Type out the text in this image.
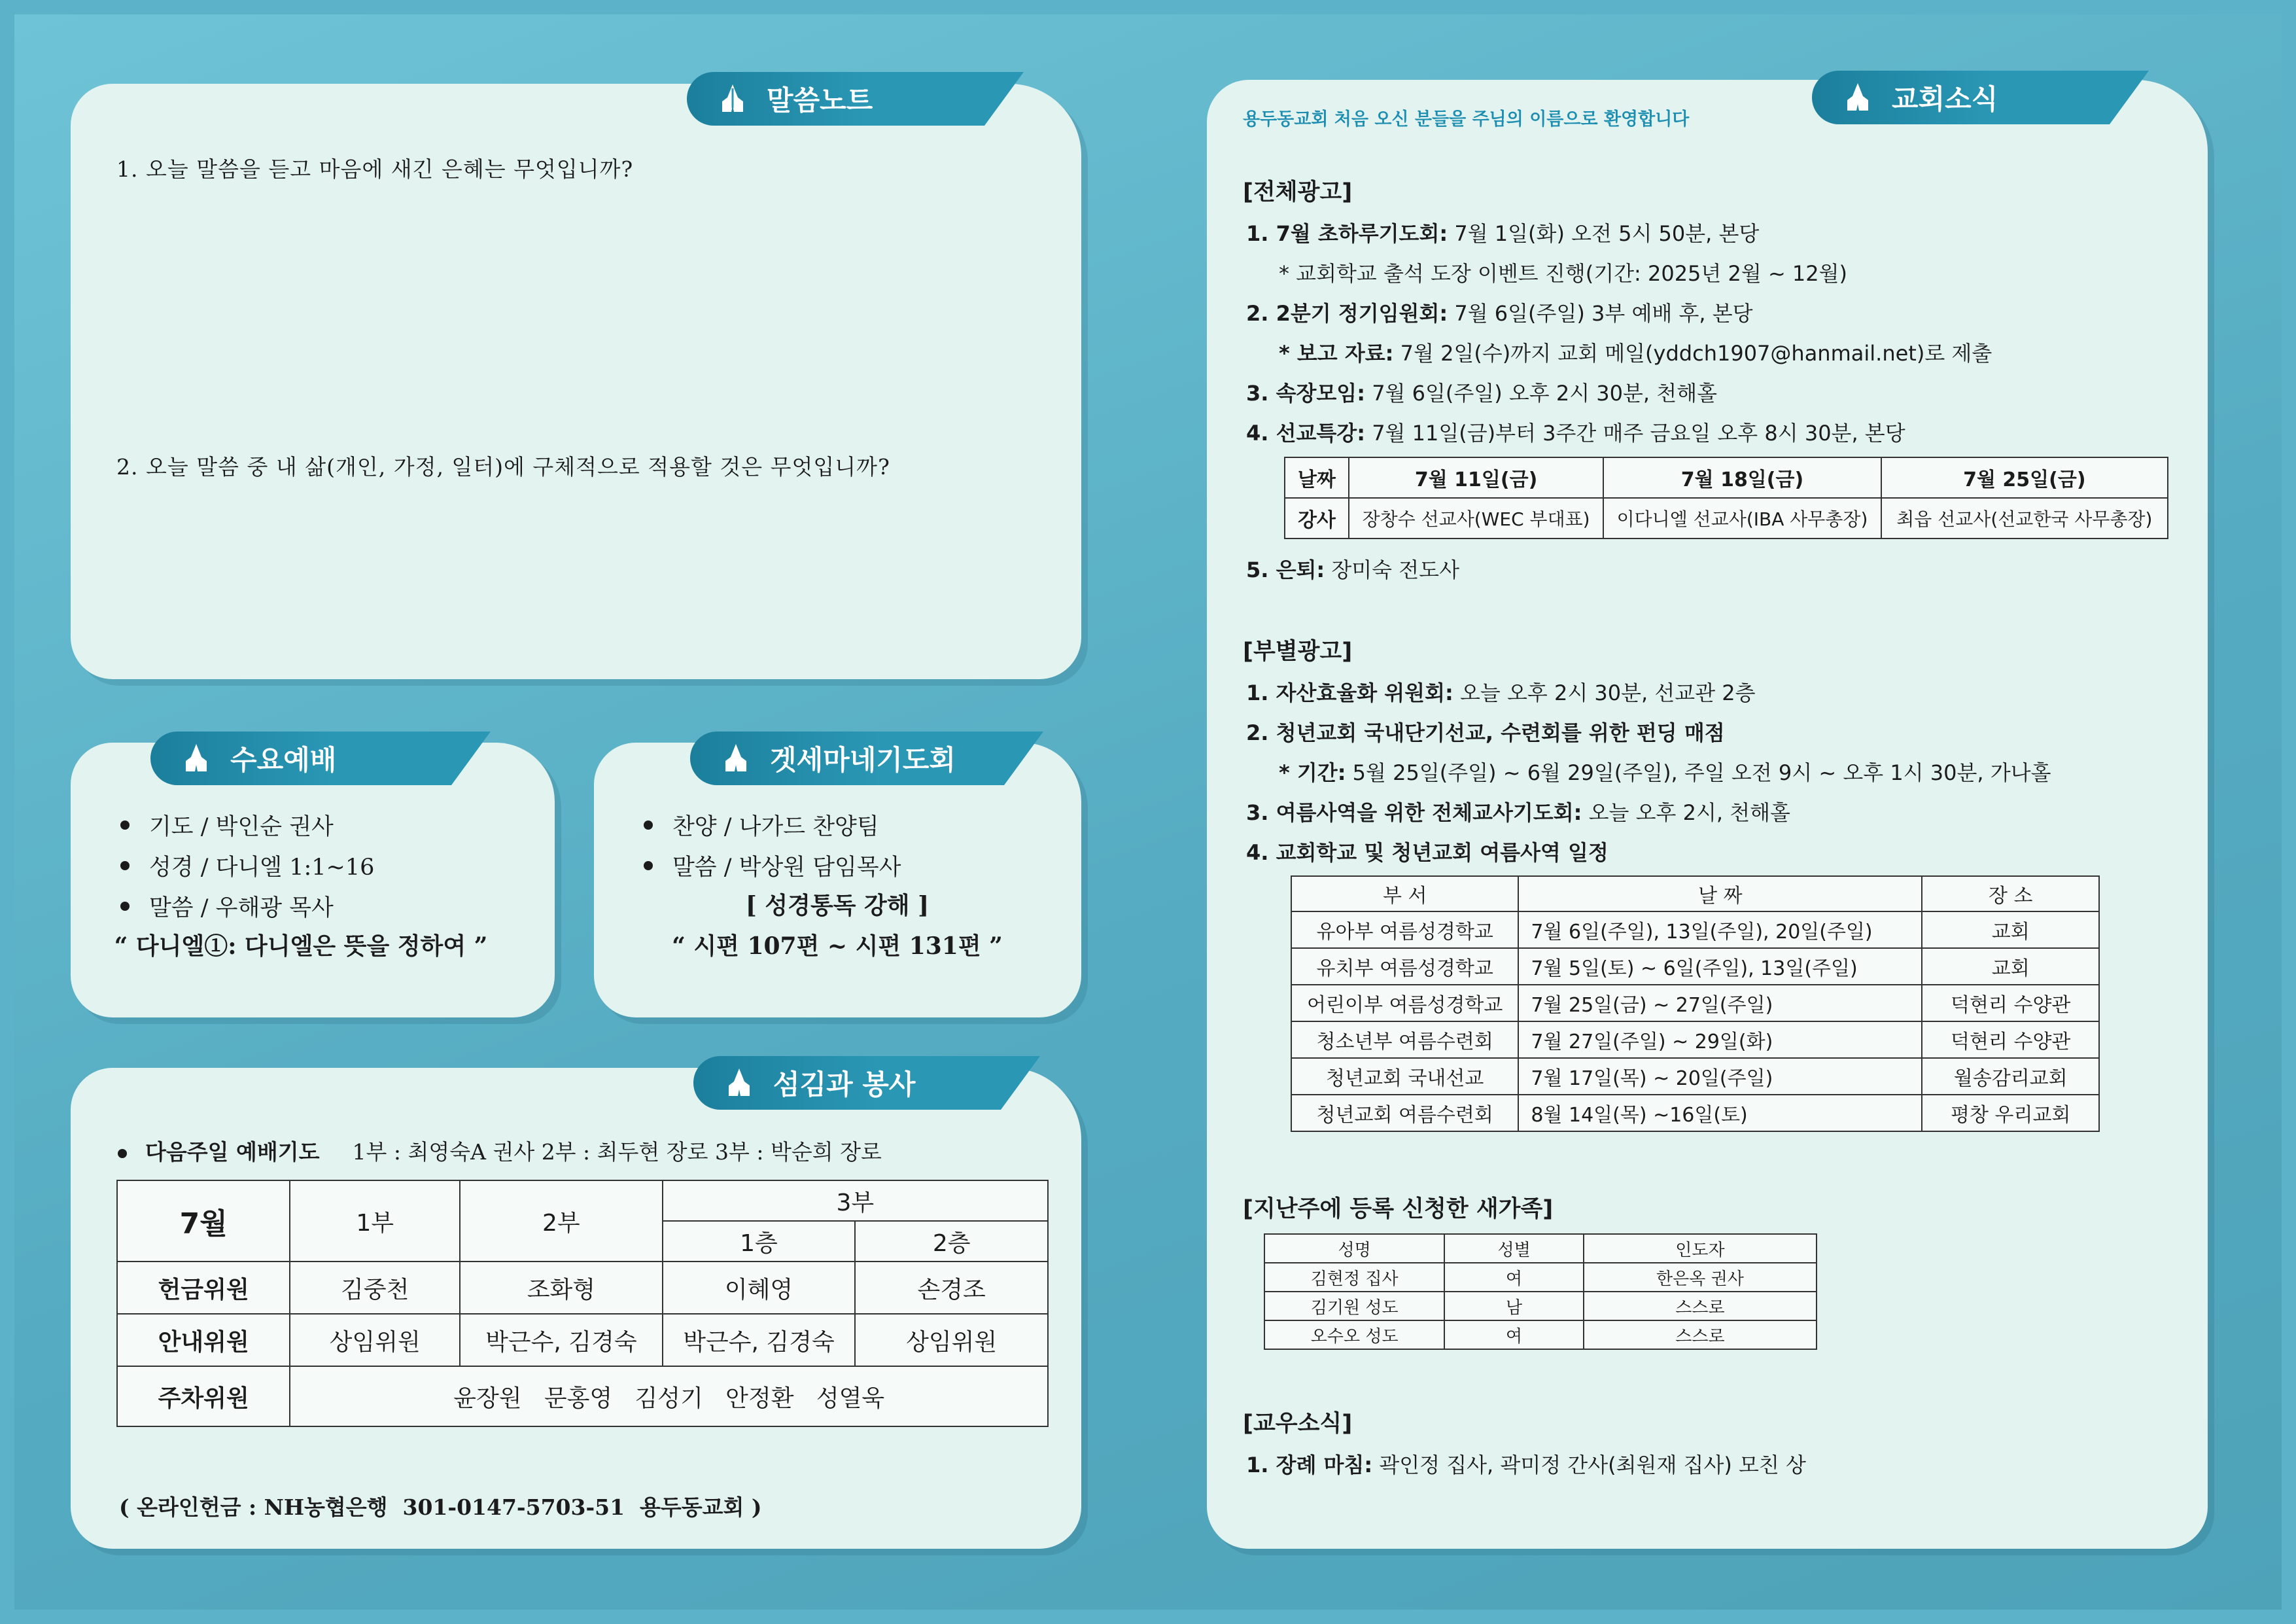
말씀노트
1. 오늘 말씀을 듣고 마음에 새긴 은혜는 무엇입니까?
2. 오늘 말씀 중 내 삶(개인, 가정, 일터)에 구체적으로 적용할 것은 무엇입니까?
수요예배
기도 / 박인순 권사
성경 / 다니엘 1:1~16
말씀 / 우해광 목사
“ 다니엘①: 다니엘은 뜻을 정하여 ”
겟세마네기도회
찬양 / 나가드 찬양팀
말씀 / 박상원 담임목사
[ 성경통독 강해 ]
“ 시편 107편 ~ 시편 131편 ”
섬김과 봉사
다음주일 예배기도 1부 : 최영숙A 권사 2부 : 최두현 장로 3부 : 박순희 장로
7월	1부	2부	3부	
			1층	2층
헌금위원	김중천	조화형	이혜영	손경조
안내위원	상임위원	박근수, 김경숙	박근수, 김경숙	상임위원
주차위원	윤장원   문홍영   김성기   안정환   성열욱			
( 온라인헌금 : NH농협은행  301-0147-5703-51  용두동교회 )
교회소식
용두동교회 처음 오신 분들을 주님의 이름으로 환영합니다
[전체광고]
1. 7월 초하루기도회: 7월 1일(화) 오전 5시 50분, 본당
* 교회학교 출석 도장 이벤트 진행(기간: 2025년 2월 ~ 12월)
2. 2분기 정기임원회: 7월 6일(주일) 3부 예배 후, 본당
* 보고 자료: 7월 2일(수)까지 교회 메일(yddch1907@hanmail.net)로 제출
3. 속장모임: 7월 6일(주일) 오후 2시 30분, 천해홀
4. 선교특강: 7월 11일(금)부터 3주간 매주 금요일 오후 8시 30분, 본당
날짜	7월 11일(금)	7월 18일(금)	7월 25일(금)
강사	장창수 선교사(WEC 부대표)	이다니엘 선교사(IBA 사무총장)	최읍 선교사(선교한국 사무총장)
5. 은퇴: 장미숙 전도사
[부별광고]
1. 자산효율화 위원회: 오늘 오후 2시 30분, 선교관 2층
2. 청년교회 국내단기선교, 수련회를 위한 펀딩 매점
* 기간: 5월 25일(주일) ~ 6월 29일(주일), 주일 오전 9시 ~ 오후 1시 30분, 가나홀
3. 여름사역을 위한 전체교사기도회: 오늘 오후 2시, 천해홀
4. 교회학교 및 청년교회 여름사역 일정
부 서	날 짜	장 소
유아부 여름성경학교	7월 6일(주일), 13일(주일), 20일(주일)	교회
유치부 여름성경학교	7월 5일(토) ~ 6일(주일), 13일(주일)	교회
어린이부 여름성경학교	7월 25일(금) ~ 27일(주일)	덕현리 수양관
청소년부 여름수련회	7월 27일(주일) ~ 29일(화)	덕현리 수양관
청년교회 국내선교	7월 17일(목) ~ 20일(주일)	월송감리교회
청년교회 여름수련회	8월 14일(목) ~16일(토)	평창 우리교회
[지난주에 등록 신청한 새가족]
성명	성별	인도자
김현정 집사	여	한은옥 권사
김기원 성도	남	스스로
오수오 성도	여	스스로
[교우소식]
1. 장례 마침: 곽인정 집사, 곽미정 간사(최원재 집사) 모친 상
